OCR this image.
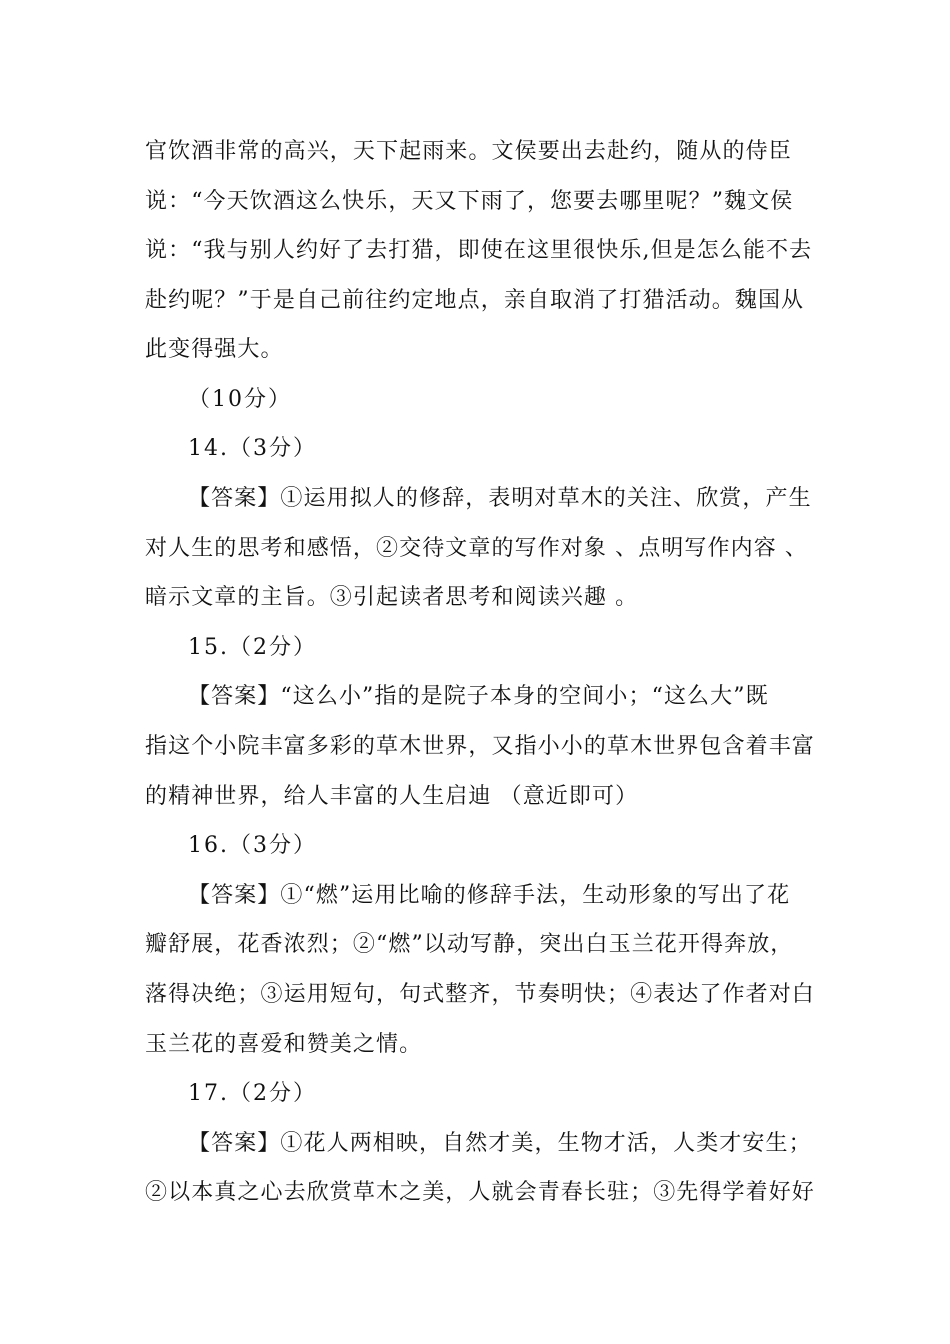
官饮酒非常的高兴，天下起雨来。文侯要出去赴约，随从的侍臣
说：“今天饮酒这么快乐，天又下雨了，您要去哪里呢？”魏文侯
说：“我与别人约好了去打猎，即使在这里很快乐,但是怎么能不去
赴约呢？”于是自己前往约定地点，亲自取消了打猎活动。魏国从
此变得强大。
（10分）
14.（3分）
【答案】①运用拟人的修辞，表明对草木的关注、欣赏，产生
对人生的思考和感悟，②交待文章的写作对象 、点明写作内容 、
暗示文章的主旨。③引起读者思考和阅读兴趣 。
15.（2分）
【答案】“这么小”指的是院子本身的空间小；“这么大”既
指这个小院丰富多彩的草木世界，又指小小的草木世界包含着丰富
的精神世界，给人丰富的人生启迪 （意近即可）
16.（3分）
【答案】①“燃”运用比喻的修辞手法，生动形象的写出了花
瓣舒展，花香浓烈；②“燃”以动写静，突出白玉兰花开得奔放，
落得决绝；③运用短句，句式整齐，节奏明快；④表达了作者对白
玉兰花的喜爱和赞美之情。
17.（2分）
【答案】①花人两相映，自然才美，生物才活，人类才安生；
②以本真之心去欣赏草木之美，人就会青春长驻；③先得学着好好
